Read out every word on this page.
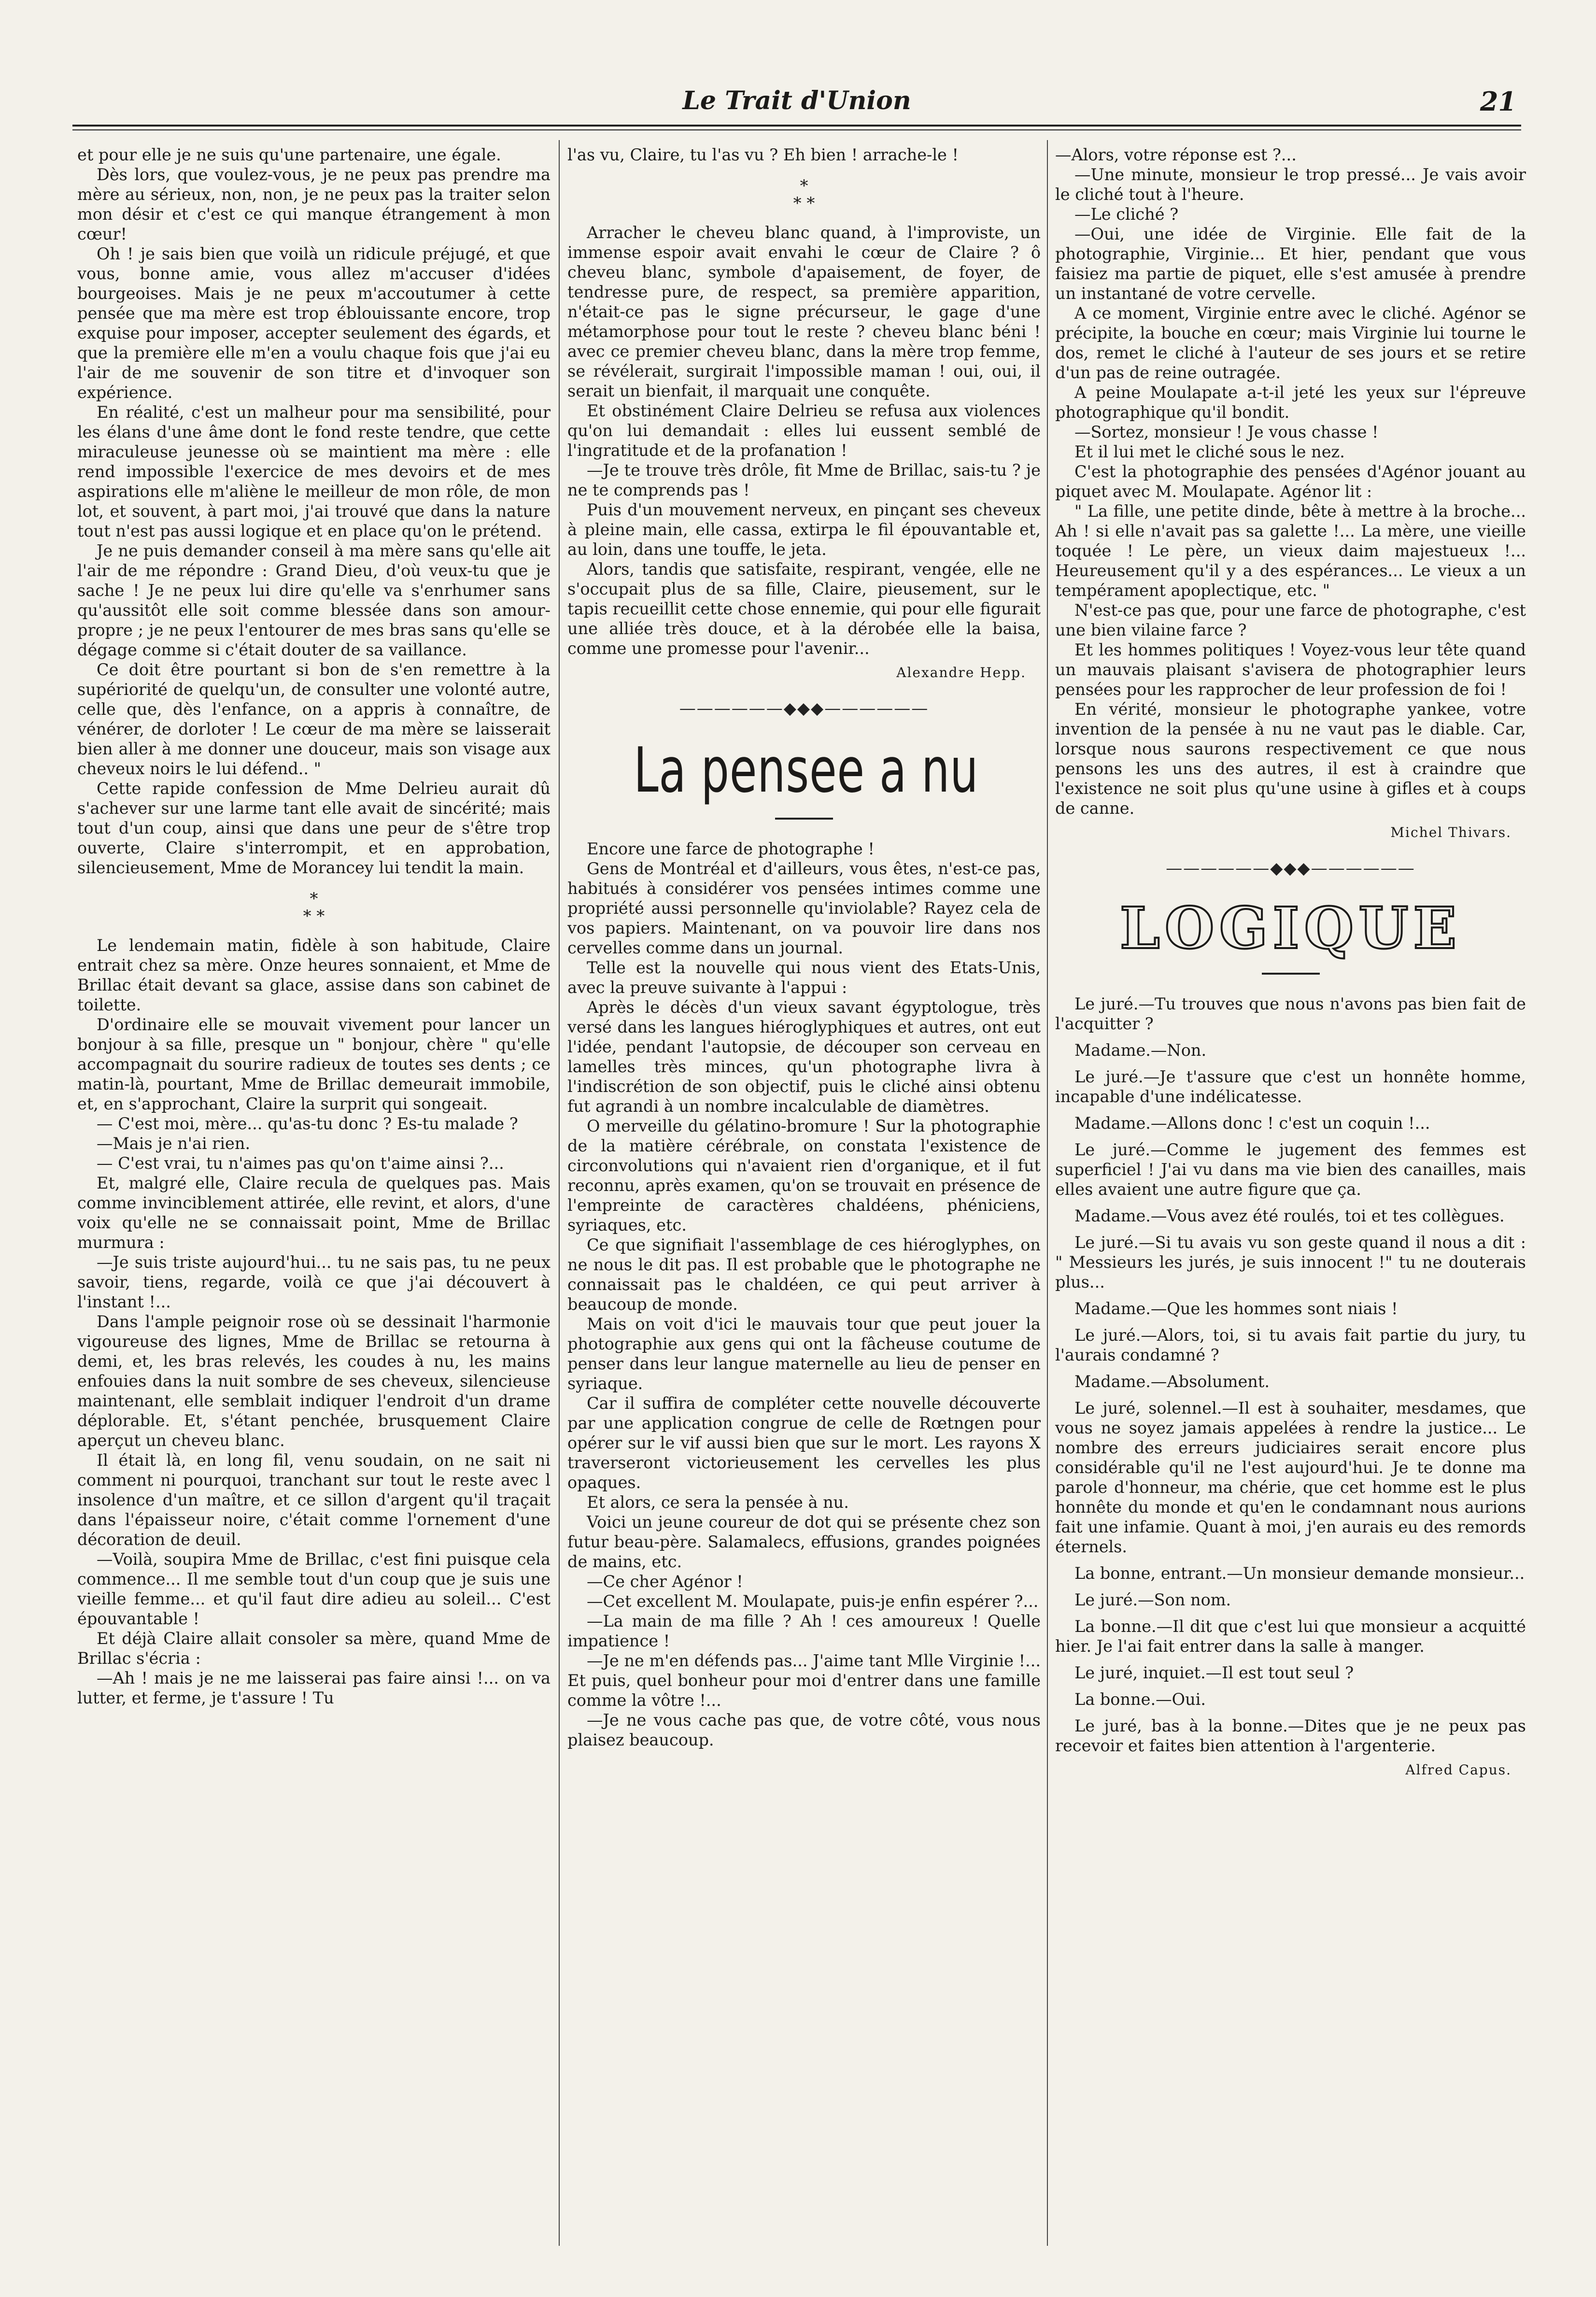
Le Trait d'Union	21

et pour elle je ne suis qu'une partenaire, une égale.

Dès lors, que voulez-vous, je ne peux pas prendre ma mère au sérieux, non, non, je ne peux pas la traiter selon mon désir et c'est ce qui manque étrangement à mon cœur!

Oh ! je sais bien que voilà un ridicule préjugé, et que vous, bonne amie, vous allez m'accuser d'idées bourgeoises. Mais je ne peux m'accoutumer à cette pensée que ma mère est trop éblouissante encore, trop exquise pour imposer, accepter seulement des égards, et que la première elle m'en a voulu chaque fois que j'ai eu l'air de me souvenir de son titre et d'invoquer son expérience.

En réalité, c'est un malheur pour ma sensibilité, pour les élans d'une âme dont le fond reste tendre, que cette miraculeuse jeunesse où se maintient ma mère : elle rend impossible l'exercice de mes devoirs et de mes aspirations elle m'aliène le meilleur de mon rôle, de mon lot, et souvent, à part moi, j'ai trouvé que dans la nature tout n'est pas aussi logique et en place qu'on le prétend.

Je ne puis demander conseil à ma mère sans qu'elle ait l'air de me répondre : Grand Dieu, d'où veux-tu que je sache ! Je ne peux lui dire qu'elle va s'enrhumer sans qu'aussitôt elle soit comme blessée dans son amour-propre ; je ne peux l'entourer de mes bras sans qu'elle se dégage comme si c'était douter de sa vaillance.

Ce doit être pourtant si bon de s'en remettre à la supériorité de quelqu'un, de consulter une volonté autre, celle que, dès l'enfance, on a appris à connaître, de vénérer, de dorloter ! Le cœur de ma mère se laisserait bien aller à me donner une douceur, mais son visage aux cheveux noirs le lui défend.. "

Cette rapide confession de Mme Delrieu aurait dû s'achever sur une larme tant elle avait de sincérité; mais tout d'un coup, ainsi que dans une peur de s'être trop ouverte, Claire s'interrompit, et en approbation, silencieusement, Mme de Morancey lui tendit la main.

*
* *

Le lendemain matin, fidèle à son habitude, Claire entrait chez sa mère. Onze heures sonnaient, et Mme de Brillac était devant sa glace, assise dans son cabinet de toilette.

D'ordinaire elle se mouvait vivement pour lancer un bonjour à sa fille, presque un " bonjour, chère " qu'elle accompagnait du sourire radieux de toutes ses dents ; ce matin-là, pourtant, Mme de Brillac demeurait immobile, et, en s'approchant, Claire la surprit qui songeait.

— C'est moi, mère... qu'as-tu donc ? Es-tu malade ?

—Mais je n'ai rien.

— C'est vrai, tu n'aimes pas qu'on t'aime ainsi ?...

Et, malgré elle, Claire recula de quelques pas. Mais comme invinciblement attirée, elle revint, et alors, d'une voix qu'elle ne se connaissait point, Mme de Brillac murmura :

—Je suis triste aujourd'hui... tu ne sais pas, tu ne peux savoir, tiens, regarde, voilà ce que j'ai découvert à l'instant !...

Dans l'ample peignoir rose où se dessinait l'harmonie vigoureuse des lignes, Mme de Brillac se retourna à demi, et, les bras relevés, les coudes à nu, les mains enfouies dans la nuit sombre de ses cheveux, silencieuse maintenant, elle semblait indiquer l'endroit d'un drame déplorable. Et, s'étant penchée, brusquement Claire aperçut un cheveu blanc.

Il était là, en long fil, venu soudain, on ne sait ni comment ni pourquoi, tranchant sur tout le reste avec l insolence d'un maître, et ce sillon d'argent qu'il traçait dans l'épaisseur noire, c'était comme l'ornement d'une décoration de deuil.

—Voilà, soupira Mme de Brillac, c'est fini puisque cela commence... Il me semble tout d'un coup que je suis une vieille femme... et qu'il faut dire adieu au soleil... C'est épouvantable !

Et déjà Claire allait consoler sa mère, quand Mme de Brillac s'écria :

—Ah ! mais je ne me laisserai pas faire ainsi !... on va lutter, et ferme, je t'assure ! Tu

l'as vu, Claire, tu l'as vu ? Eh bien ! arrache-le !

*
* *

Arracher le cheveu blanc quand, à l'improviste, un immense espoir avait envahi le cœur de Claire ? ô cheveu blanc, symbole d'apaisement, de foyer, de tendresse pure, de respect, sa première apparition, n'était-ce pas le signe précurseur, le gage d'une métamorphose pour tout le reste ? cheveu blanc béni ! avec ce premier cheveu blanc, dans la mère trop femme, se révélerait, surgirait l'impossible maman ! oui, oui, il serait un bienfait, il marquait une conquête.

Et obstinément Claire Delrieu se refusa aux violences qu'on lui demandait : elles lui eussent semblé de l'ingratitude et de la profanation !

—Je te trouve très drôle, fit Mme de Brillac, sais-tu ? je ne te comprends pas !

Puis d'un mouvement nerveux, en pinçant ses cheveux à pleine main, elle cassa, extirpa le fil épouvantable et, au loin, dans une touffe, le jeta.

Alors, tandis que satisfaite, respirant, vengée, elle ne s'occupait plus de sa fille, Claire, pieusement, sur le tapis recueillit cette chose ennemie, qui pour elle figurait une alliée très douce, et à la dérobée elle la baisa, comme une promesse pour l'avenir...

Alexandre Hepp.
——————◆◆◆——————
La pensee a nu

Encore une farce de photographe !

Gens de Montréal et d'ailleurs, vous êtes, n'est-ce pas, habitués à considérer vos pensées intimes comme une propriété aussi personnelle qu'inviolable? Rayez cela de vos papiers. Maintenant, on va pouvoir lire dans nos cervelles comme dans un journal.

Telle est la nouvelle qui nous vient des Etats-Unis, avec la preuve suivante à l'appui :

Après le décès d'un vieux savant égyptologue, très versé dans les langues hiéroglyphiques et autres, ont eut l'idée, pendant l'autopsie, de découper son cerveau en lamelles très minces, qu'un photographe livra à l'indiscrétion de son objectif, puis le cliché ainsi obtenu fut agrandi à un nombre incalculable de diamètres.

O merveille du gélatino-bromure ! Sur la photographie de la matière cérébrale, on constata l'existence de circonvolutions qui n'avaient rien d'organique, et il fut reconnu, après examen, qu'on se trouvait en présence de l'empreinte de caractères chaldéens, phéniciens, syriaques, etc.

Ce que signifiait l'assemblage de ces hiéroglyphes, on ne nous le dit pas. Il est probable que le photographe ne connaissait pas le chaldéen, ce qui peut arriver à beaucoup de monde.

Mais on voit d'ici le mauvais tour que peut jouer la photographie aux gens qui ont la fâcheuse coutume de penser dans leur langue maternelle au lieu de penser en syriaque.

Car il suffira de compléter cette nouvelle découverte par une application congrue de celle de Rœtngen pour opérer sur le vif aussi bien que sur le mort. Les rayons X traverseront victorieusement les cervelles les plus opaques.

Et alors, ce sera la pensée à nu.

Voici un jeune coureur de dot qui se présente chez son futur beau-père. Salamalecs, effusions, grandes poignées de mains, etc.

—Ce cher Agénor !

—Cet excellent M. Moulapate, puis-je enfin espérer ?...

—La main de ma fille ? Ah ! ces amoureux ! Quelle impatience !

—Je ne m'en défends pas... J'aime tant Mlle Virginie !... Et puis, quel bonheur pour moi d'entrer dans une famille comme la vôtre !...

—Je ne vous cache pas que, de votre côté, vous nous plaisez beaucoup.

—Alors, votre réponse est ?...

—Une minute, monsieur le trop pressé... Je vais avoir le cliché tout à l'heure.

—Le cliché ?

—Oui, une idée de Virginie. Elle fait de la photographie, Virginie... Et hier, pendant que vous faisiez ma partie de piquet, elle s'est amusée à prendre un instantané de votre cervelle.

A ce moment, Virginie entre avec le cliché. Agénor se précipite, la bouche en cœur; mais Virginie lui tourne le dos, remet le cliché à l'auteur de ses jours et se retire d'un pas de reine outragée.

A peine Moulapate a-t-il jeté les yeux sur l'épreuve photographique qu'il bondit.

—Sortez, monsieur ! Je vous chasse !

Et il lui met le cliché sous le nez.

C'est la photographie des pensées d'Agénor jouant au piquet avec M. Moulapate. Agénor lit :

" La fille, une petite dinde, bête à mettre à la broche... Ah ! si elle n'avait pas sa galette !... La mère, une vieille toquée ! Le père, un vieux daim majestueux !... Heureusement qu'il y a des espérances... Le vieux a un tempérament apoplectique, etc. "

N'est-ce pas que, pour une farce de photographe, c'est une bien vilaine farce ?

Et les hommes politiques ! Voyez-vous leur tête quand un mauvais plaisant s'avisera de photographier leurs pensées pour les rapprocher de leur profession de foi !

En vérité, monsieur le photographe yankee, votre invention de la pensée à nu ne vaut pas le diable. Car, lorsque nous saurons respectivement ce que nous pensons les uns des autres, il est à craindre que l'existence ne soit plus qu'une usine à gifles et à coups de canne.

Michel Thivars.
——————◆◆◆——————
LOGIQUE

Le juré.—Tu trouves que nous n'avons pas bien fait de l'acquitter ?

Madame.—Non.

Le juré.—Je t'assure que c'est un honnête homme, incapable d'une indélicatesse.

Madame.—Allons donc ! c'est un coquin !...

Le juré.—Comme le jugement des femmes est superficiel ! J'ai vu dans ma vie bien des canailles, mais elles avaient une autre figure que ça.

Madame.—Vous avez été roulés, toi et tes collègues.

Le juré.—Si tu avais vu son geste quand il nous a dit : " Messieurs les jurés, je suis innocent !" tu ne douterais plus...

Madame.—Que les hommes sont niais !

Le juré.—Alors, toi, si tu avais fait partie du jury, tu l'aurais condamné ?

Madame.—Absolument.

Le juré, solennel.—Il est à souhaiter, mesdames, que vous ne soyez jamais appelées à rendre la justice... Le nombre des erreurs judiciaires serait encore plus considérable qu'il ne l'est aujourd'hui. Je te donne ma parole d'honneur, ma chérie, que cet homme est le plus honnête du monde et qu'en le condamnant nous aurions fait une infamie. Quant à moi, j'en aurais eu des remords éternels.

La bonne, entrant.—Un monsieur demande monsieur...

Le juré.—Son nom.

La bonne.—Il dit que c'est lui que monsieur a acquitté hier. Je l'ai fait entrer dans la salle à manger.

Le juré, inquiet.—Il est tout seul ?

La bonne.—Oui.

Le juré, bas à la bonne.—Dites que je ne peux pas recevoir et faites bien attention à l'argenterie.

Alfred Capus.
